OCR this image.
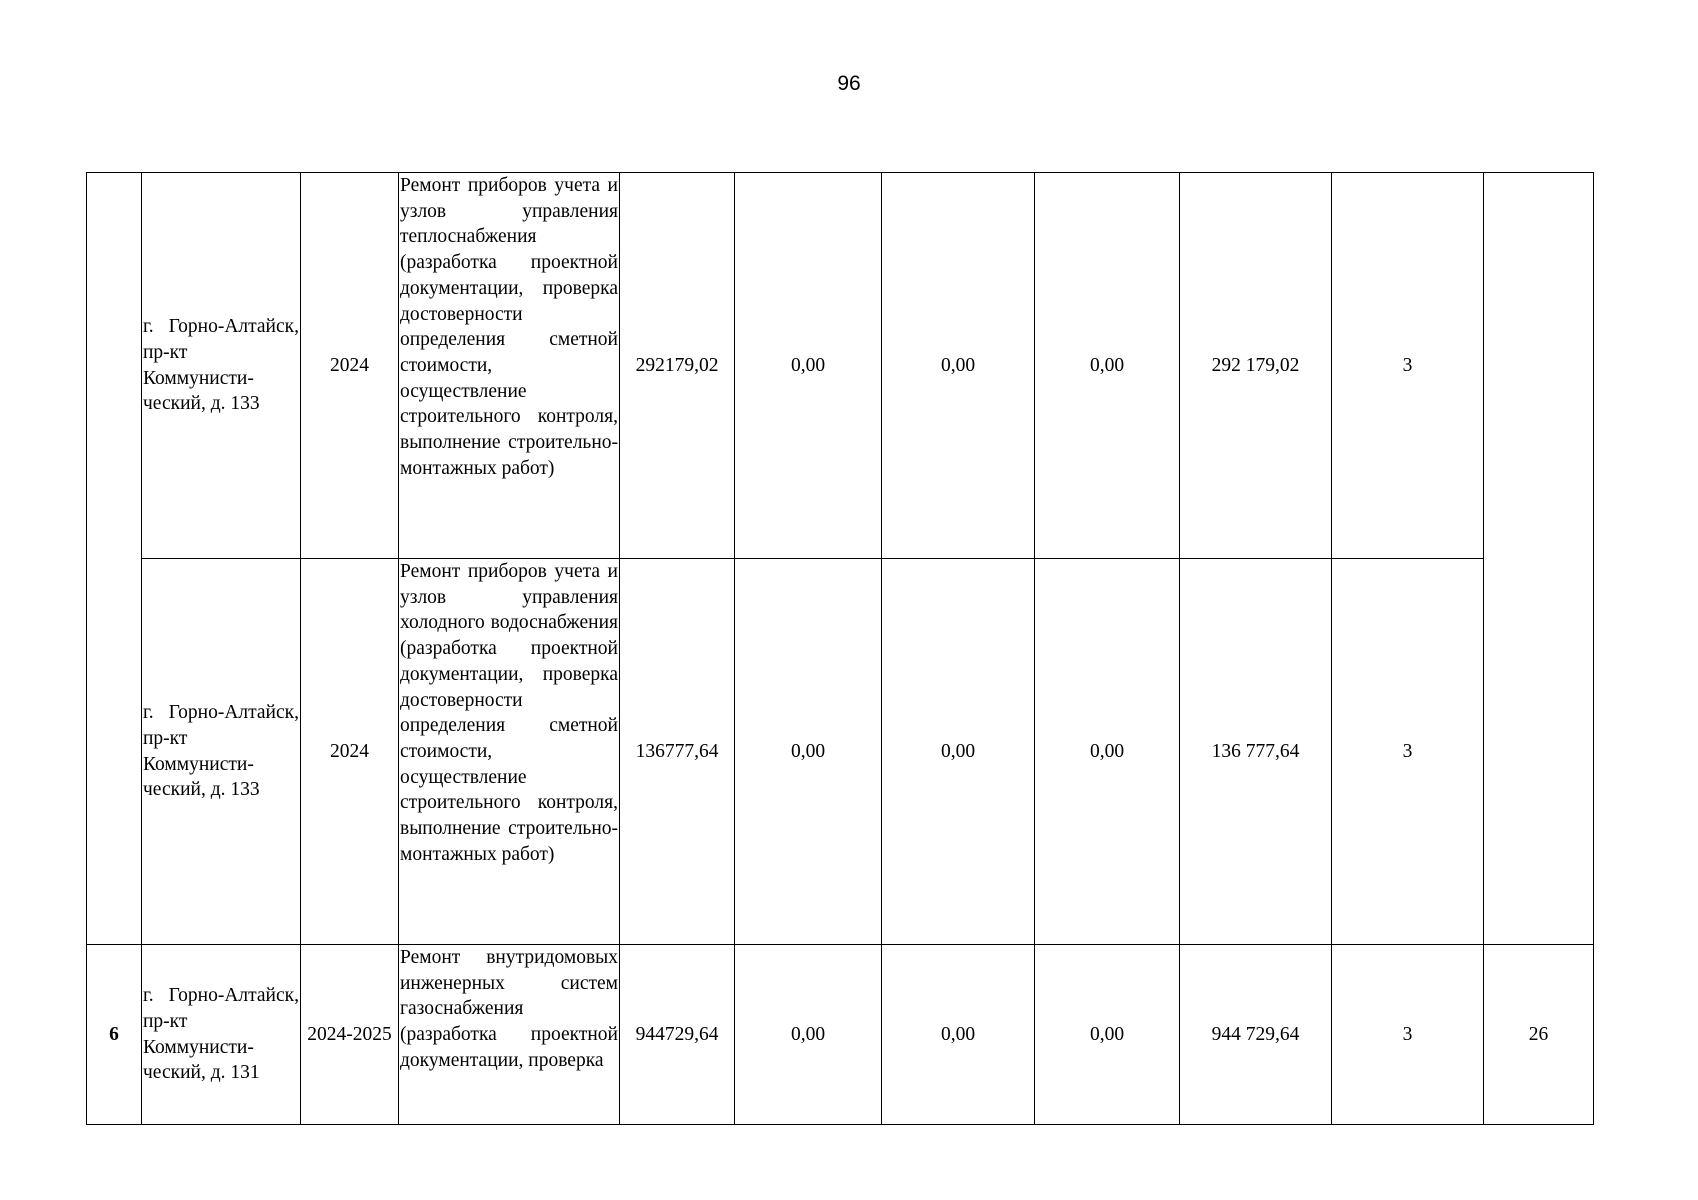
96

	г. Горно-Алтайск, пр-кт Коммунисти-ческий, д. 133	2024	Ремонт приборов учета и узлов управления теплоснабжения (разработка проектной документации, проверка достоверности определения сметной стоимости, осуществление строительного контроля, выполнение строительно-монтажных работ)	292179,02	0,00	0,00	0,00	292 179,02	3	

	г. Горно-Алтайск, пр-кт Коммунисти-ческий, д. 133	2024	Ремонт приборов учета и узлов управления холодного водоснабжения (разработка проектной документации, проверка достоверности определения сметной стоимости, осуществление строительного контроля, выполнение строительно-монтажных работ)	136777,64	0,00	0,00	0,00	136 777,64	3	
6	г. Горно-Алтайск, пр-кт Коммунисти-ческий, д. 131	2024-2025	Ремонт внутридомовых инженерных систем газоснабжения (разработка проектной документации, проверка	944729,64	0,00	0,00	0,00	944 729,64	3	26
